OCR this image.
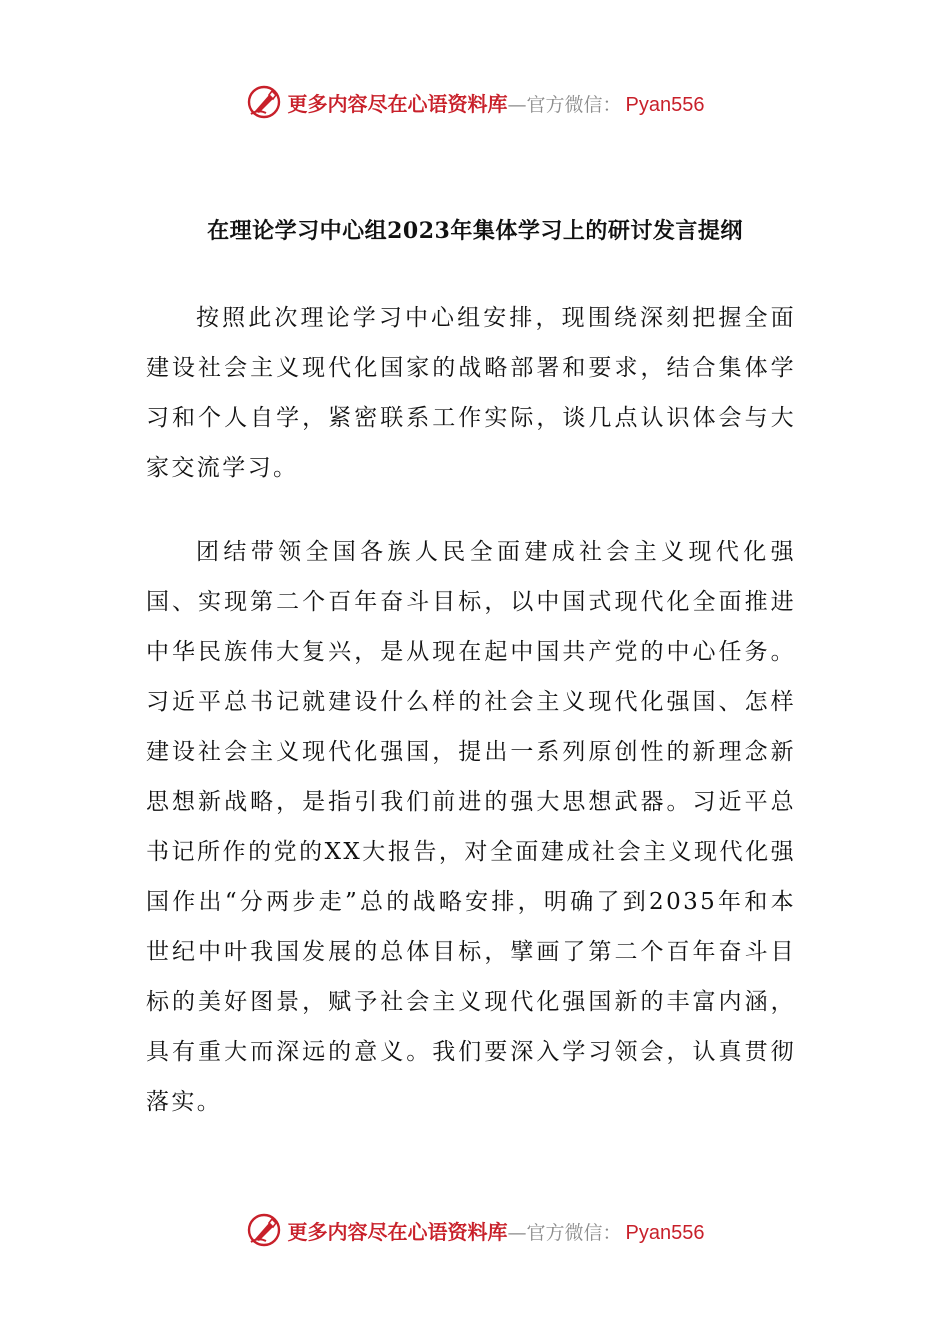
更多内容尽在心语资料库 —官方微信： Pyan556
在理论学习中心组2023年集体学习上的研讨发言提纲

按照此次理论学习中心组安排，现围绕深刻把握全面建设社会主义现代化国家的战略部署和要求，结合集体学习和个人自学，紧密联系工作实际，谈几点认识体会与大家交流学习。

团结带领全国各族人民全面建成社会主义现代化强国、实现第二个百年奋斗目标，以中国式现代化全面推进中华民族伟大复兴，是从现在起中国共产党的中心任务。习近平总书记就建设什么样的社会主义现代化强国、怎样建设社会主义现代化强国，提出一系列原创性的新理念新思想新战略，是指引我们前进的强大思想武器。习近平总书记所作的党的XX大报告，对全面建成社会主义现代化强国作出“分两步走”总的战略安排，明确了到2035年和本世纪中叶我国发展的总体目标，擘画了第二个百年奋斗目标的美好图景，赋予社会主义现代化强国新的丰富内涵，具有重大而深远的意义。我们要深入学习领会，认真贯彻落实。

更多内容尽在心语资料库 —官方微信： Pyan556
